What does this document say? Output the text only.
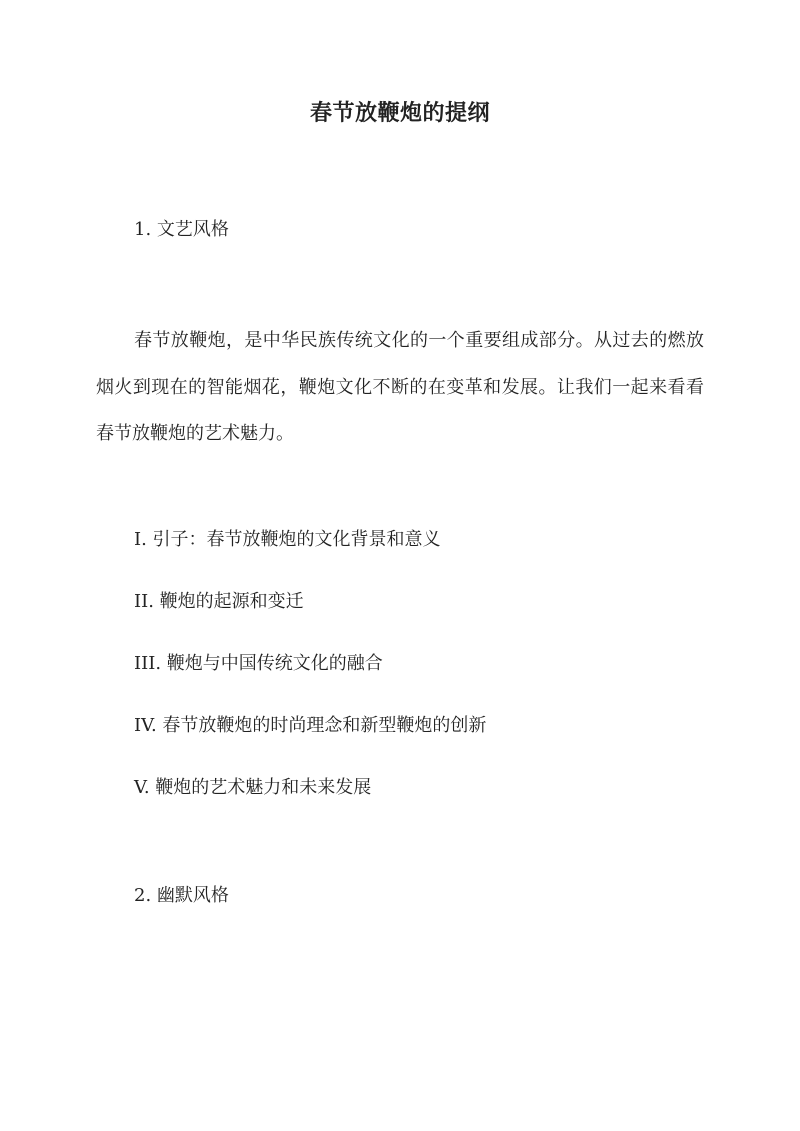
春节放鞭炮的提纲
1. 文艺风格

春节放鞭炮，是中华民族传统文化的一个重要组成部分。从过去的燃放烟火到现在的智能烟花，鞭炮文化不断的在变革和发展。让我们一起来看看春节放鞭炮的艺术魅力。

I. 引子：春节放鞭炮的文化背景和意义
II. 鞭炮的起源和变迁
III. 鞭炮与中国传统文化的融合
IV. 春节放鞭炮的时尚理念和新型鞭炮的创新
V. 鞭炮的艺术魅力和未来发展
2. 幽默风格
